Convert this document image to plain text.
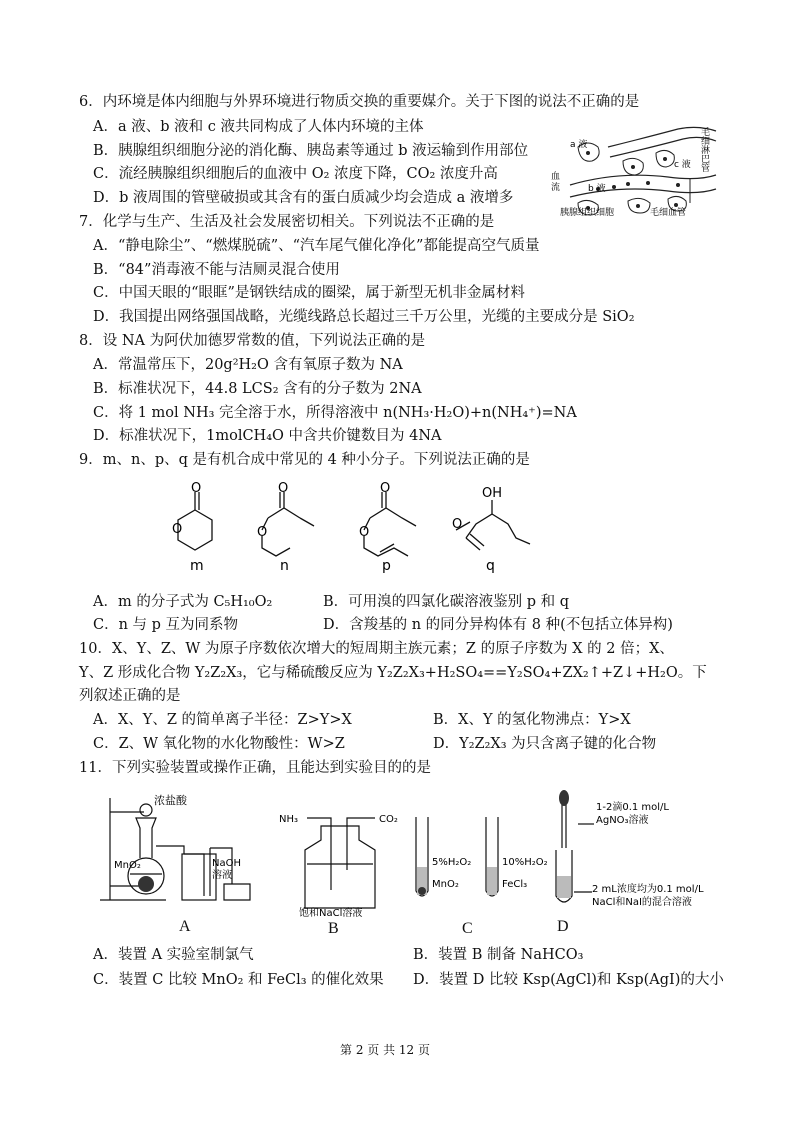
6．内环境是体内细胞与外界环境进行物质交换的重要媒介。关于下图的说法不正确的是
A．a 液、b 液和 c 液共同构成了人体内环境的主体
B．胰腺组织细胞分泌的消化酶、胰岛素等通过 b 液运输到作用部位
C．流经胰腺组织细胞后的血液中 O₂ 浓度下降，CO₂ 浓度升高
D．b 液周围的管壁破损或其含有的蛋白质减少均会造成 a 液增多
a 液
血
流	b 液
c 液
胰腺组织细胞	毛细血管
毛细淋巴管
7．化学与生产、生活及社会发展密切相关。下列说法不正确的是
A．“静电除尘”、“燃煤脱硫”、“汽车尾气催化净化”都能提高空气质量
B．“84”消毒液不能与洁厕灵混合使用
C．中国天眼的“眼眶”是钢铁结成的圈梁，属于新型无机非金属材料
D．我国提出网络强国战略，光缆线路总长超过三千万公里，光缆的主要成分是 SiO₂
8．设 NA 为阿伏加德罗常数的值，下列说法正确的是
A．常温常压下，20g²H₂O 含有氧原子数为 NA
B．标准状况下，44.8 LCS₂ 含有的分子数为 2NA
C．将 1 mol NH₃ 完全溶于水，所得溶液中 n(NH₃·H₂O)+n(NH₄⁺)=NA
D．标准状况下，1molCH₄O 中含共价键数目为 4NA
9．m、n、p、q 是有机合成中常见的 4 种小分子。下列说法正确的是
O
O
O
O
O
O
OH
O
m	n	p	q
A．m 的分子式为 C₅H₁₀O₂	B．可用溴的四氯化碳溶液鉴别 p 和 q
C．n 与 p 互为同系物	D．含羧基的 n 的同分异构体有 8 种(不包括立体异构)
10．X、Y、Z、W 为原子序数依次增大的短周期主族元素；Z 的原子序数为 X 的 2 倍；X、
Y、Z 形成化合物 Y₂Z₂X₃，它与稀硫酸反应为 Y₂Z₂X₃+H₂SO₄==Y₂SO₄+ZX₂↑+Z↓+H₂O。下
列叙述正确的是
A．X、Y、Z 的简单离子半径：Z>Y>X	B．X、Y 的氢化物沸点：Y>X
C．Z、W 氧化物的水化物酸性：W>Z	D．Y₂Z₂X₃ 为只含离子键的化合物
11．下列实验装置或操作正确，且能达到实验目的的是
浓盐酸
MnO₂	NaOH
溶液
A
NH₃	CO₂
饱和NaCl溶液
B
5%H₂O₂
MnO₂
10%H₂O₂
FeCl₃
C
1-2滴0.1 mol/L
AgNO₃溶液
2 mL浓度均为0.1 mol/L
NaCl和NaI的混合溶液
D
A．装置 A 实验室制氯气	B．装置 B 制备 NaHCO₃
C．装置 C 比较 MnO₂ 和 FeCl₃ 的催化效果 D．装置 D 比较 Ksp(AgCl)和 Ksp(AgI)的大小
第 2 页 共 12 页
